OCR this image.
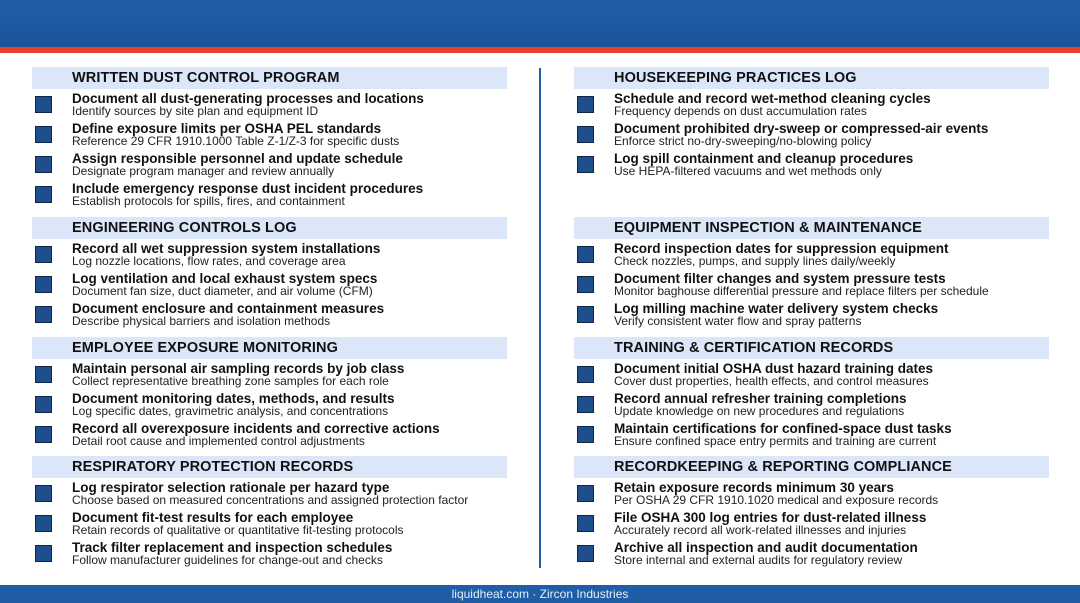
WRITTEN DUST CONTROL PROGRAM
Document all dust-generating processes and locations
Identify sources by site plan and equipment ID
Define exposure limits per OSHA PEL standards
Reference 29 CFR 1910.1000 Table Z-1/Z-3 for specific dusts
Assign responsible personnel and update schedule
Designate program manager and review annually
Include emergency response dust incident procedures
Establish protocols for spills, fires, and containment
ENGINEERING CONTROLS LOG
Record all wet suppression system installations
Log nozzle locations, flow rates, and coverage area
Log ventilation and local exhaust system specs
Document fan size, duct diameter, and air volume (CFM)
Document enclosure and containment measures
Describe physical barriers and isolation methods
EMPLOYEE EXPOSURE MONITORING
Maintain personal air sampling records by job class
Collect representative breathing zone samples for each role
Document monitoring dates, methods, and results
Log specific dates, gravimetric analysis, and concentrations
Record all overexposure incidents and corrective actions
Detail root cause and implemented control adjustments
RESPIRATORY PROTECTION RECORDS
Log respirator selection rationale per hazard type
Choose based on measured concentrations and assigned protection factor
Document fit-test results for each employee
Retain records of qualitative or quantitative fit-testing protocols
Track filter replacement and inspection schedules
Follow manufacturer guidelines for change-out and checks
HOUSEKEEPING PRACTICES LOG
Schedule and record wet-method cleaning cycles
Frequency depends on dust accumulation rates
Document prohibited dry-sweep or compressed-air events
Enforce strict no-dry-sweeping/no-blowing policy
Log spill containment and cleanup procedures
Use HEPA-filtered vacuums and wet methods only
EQUIPMENT INSPECTION & MAINTENANCE
Record inspection dates for suppression equipment
Check nozzles, pumps, and supply lines daily/weekly
Document filter changes and system pressure tests
Monitor baghouse differential pressure and replace filters per schedule
Log milling machine water delivery system checks
Verify consistent water flow and spray patterns
TRAINING & CERTIFICATION RECORDS
Document initial OSHA dust hazard training dates
Cover dust properties, health effects, and control measures
Record annual refresher training completions
Update knowledge on new procedures and regulations
Maintain certifications for confined-space dust tasks
Ensure confined space entry permits and training are current
RECORDKEEPING & REPORTING COMPLIANCE
Retain exposure records minimum 30 years
Per OSHA 29 CFR 1910.1020 medical and exposure records
File OSHA 300 log entries for dust-related illness
Accurately record all work-related illnesses and injuries
Archive all inspection and audit documentation
Store internal and external audits for regulatory review
liquidheat.com · Zircon Industries
